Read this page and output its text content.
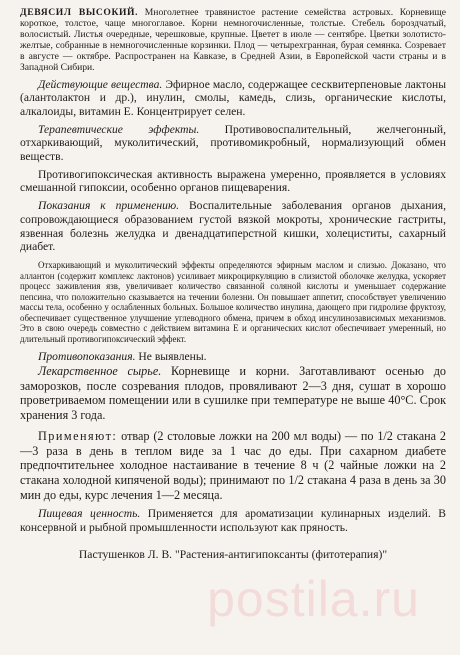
ДЕВЯСИЛ ВЫСОКИЙ. Многолетнее травянистое растение семейства астровых. Корневище короткое, толстое, чаще многоглавое. Корни немногочисленные, толстые. Стебель бороздчатый, волосистый. Листья очередные, черешковые, крупные. Цветет в июле — сентябре. Цветки золотисто-желтые, собранные в немногочисленные корзинки. Плод — четырехгранная, бурая семянка. Созревает в августе — октябре. Распространен на Кавказе, в Средней Азии, в Европейской части страны и в Западной Сибири.

Действующие вещества. Эфирное масло, содержащее сесквитерпеновые лактоны (алантолактон и др.), инулин, смолы, камедь, слизь, органические кислоты, алкалоиды, витамин Е. Концентрирует селен.

Терапевтические эффекты. Противовоспалительный, желчегонный, отхаркивающий, муколитический, противомикробный, нормализующий обмен веществ.

Противогипоксическая активность выражена умеренно, проявляется в условиях смешанной гипоксии, особенно органов пищеварения.

Показания к применению. Воспалительные заболевания органов дыхания, сопровождающиеся образованием густой вязкой мокроты, хронические гастриты, язвенная болезнь желудка и двенадцатиперстной кишки, холециститы, сахарный диабет.

Отхаркивающий и муколитический эффекты определяются эфирным маслом и слизью. Доказано, что аллантон (содержит комплекс лактонов) усиливает микроциркуляцию в слизистой оболочке желудка, ускоряет процесс заживления язв, увеличивает количество связанной соляной кислоты и уменьшает содержание пепсина, что положительно сказывается на течении болезни. Он повышает аппетит, способствует увеличению массы тела, особенно у ослабленных больных. Большое количество инулина, дающего при гидролизе фруктозу, обеспечивает существенное улучшение углеводного обмена, причем в обход инсулинозависимых механизмов. Это в свою очередь совместно с действием витамина Е и органических кислот обеспечивает умеренный, но длительный противогипоксический эффект.

Противопоказания. Не выявлены.

Лекарственное сырье. Корневище и корни. Заготавливают осенью до заморозков, после созревания плодов, провяливают 2—3 дня, сушат в хорошо проветриваемом помещении или в сушилке при температуре не выше 40°С. Срок хранения 3 года.

Применяют: отвар (2 столовые ложки на 200 мл воды) — по 1/2 стакана 2—3 раза в день в теплом виде за 1 час до еды. При сахарном диабете предпочтительнее холодное настаивание в течение 8 ч (2 чайные ложки на 2 стакана холодной кипяченой воды); принимают по 1/2 стакана 4 раза в день за 30 мин до еды, курс лечения 1—2 месяца.

Пищевая ценность. Применяется для ароматизации кулинарных изделий. В консервной и рыбной промышленности используют как пряность.

Пастушенков Л. В. "Растения-антигипоксанты (фитотерапия)"

postila.ru
